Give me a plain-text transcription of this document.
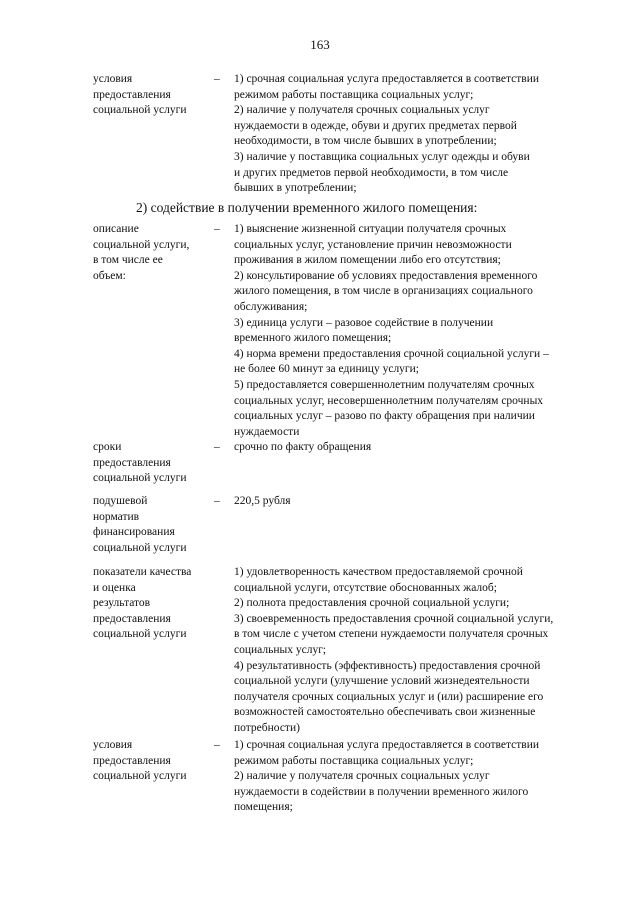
163
условия
предоставления
социальной услуги
–	1) срочная социальная услуга предоставляется в соответствии

режимом работы поставщика социальных услуг;

2) наличие у получателя срочных социальных услуг

нуждаемости в одежде, обуви и других предметах первой

необходимости, в том числе бывших в употреблении;

3) наличие у поставщика социальных услуг одежды и обуви

и других предметов первой необходимости, в том числе

бывших в употреблении;

2) содействие в получении временного жилого помещения:
описание
социальной услуги,
в том числе ее
объем:
–	1) выяснение жизненной ситуации получателя срочных

социальных услуг, установление причин невозможности

проживания в жилом помещении либо его отсутствия;

2) консультирование об условиях предоставления временного

жилого помещения, в том числе в организациях социального

обслуживания;

3) единица услуги – разовое содействие в получении

временного жилого помещения;

4) норма времени предоставления срочной социальной услуги –

не более 60 минут за единицу услуги;

5) предоставляется совершеннолетним получателям срочных

социальных услуг, несовершеннолетним получателям срочных

социальных услуг – разово по факту обращения при наличии

нуждаемости

сроки
предоставления
социальной услуги
–	срочно по факту обращения

подушевой
норматив
финансирования
социальной услуги
–	220,5 рубля

показатели качества
и оценка
результатов
предоставления
социальной услуги

1) удовлетворенность качеством предоставляемой срочной

социальной услуги, отсутствие обоснованных жалоб;

2) полнота предоставления срочной социальной услуги;

3) своевременность предоставления срочной социальной услуги,

в том числе с учетом степени нуждаемости получателя срочных

социальных услуг;

4) результативность (эффективность) предоставления срочной

социальной услуги (улучшение условий жизнедеятельности

получателя срочных социальных услуг и (или) расширение его

возможностей самостоятельно обеспечивать свои жизненные

потребности)

условия
предоставления
социальной услуги
–	1) срочная социальная услуга предоставляется в соответствии

режимом работы поставщика социальных услуг;

2) наличие у получателя срочных социальных услуг

нуждаемости в содействии в получении временного жилого

помещения;
